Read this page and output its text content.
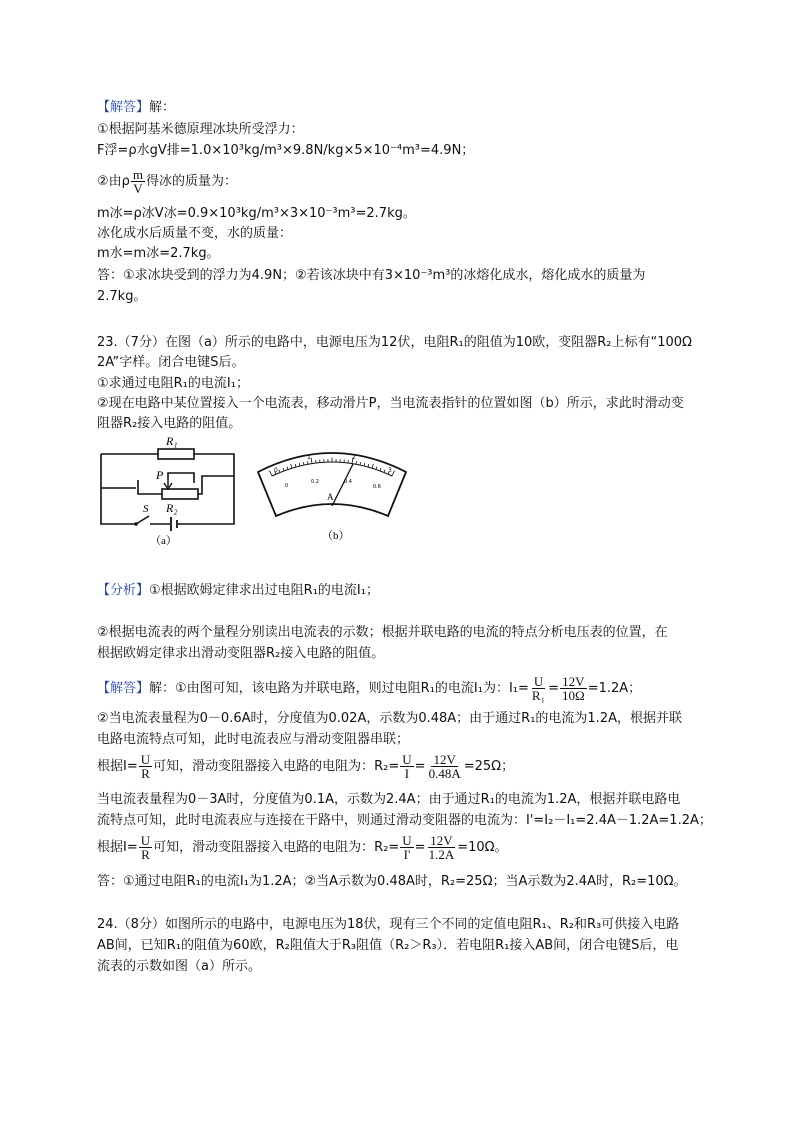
【解答】解：
①根据阿基米德原理冰块所受浮力：
F浮=ρ水gV排=1.0×10³kg/m³×9.8N/kg×5×10⁻⁴m³=4.9N；
②由ρ $\frac{m}{V}$ 得冰的质量为：
m冰=ρ冰V冰=0.9×10³kg/m³×3×10⁻³m³=2.7kg。
冰化成水后质量不变，水的质量：
m水=m冰=2.7kg。
答：①求冰块受到的浮力为4.9N；②若该冰块中有3×10⁻³m³的冰熔化成水，熔化成水的质量为
2.7kg。
23.（7分）在图（a）所示的电路中，电源电压为12伏，电阻R₁的阻值为10欧，变阻器R₂上标有“100Ω
2A”字样。闭合电键S后。
①求通过电阻R₁的电流I₁；
②现在电路中某位置接入一个电流表，移动滑片P，当电流表指针的位置如图（b）所示，求此时滑动变
阻器R₂接入电路的阻值。
R₁
P
R₂
S
（a）
0
1	2
3
0
0.2	0.4
0.6
A
（b）
【分析】①根据欧姆定律求出过电阻R₁的电流I₁；
②根据电流表的两个量程分别读出电流表的示数；根据并联电路的电流的特点分析电压表的位置，在
根据欧姆定律求出滑动变阻器R₂接入电路的阻值。
【解答】解：①由图可知，该电路为并联电路，则过电阻R₁的电流I₁为：$I_1= \frac{U}{\text{R₁}} = \frac{12V}{10\Omega} =1.2A$；
②当电流表量程为0－0.6A时，分度值为0.02A，示数为0.48A；由于通过R₁的电流为1.2A，根据并联
电路电流特点可知，此时电流表应与滑动变阻器串联；
根据$I= \frac{U}{R}$ 可知，滑动变阻器接入电路的电阻为：$R_2= \frac{U}{I} = \frac{12V}{0.48A} =25\Omega$；
当电流表量程为0－3A时，分度值为0.1A，示数为2.4A；由于通过R₁的电流为1.2A，根据并联电路电
流特点可知，此时电流表应与连接在干路中，则通过滑动变阻器的电流为：I'=I₂－I₁=2.4A－1.2A=1.2A；
根据$I= \frac{U}{R}$ 可知，滑动变阻器接入电路的电阻为：$R_2= \frac{U}{I'} = \frac{12V}{1.2A} =10\Omega$。
答：①通过电阻R₁的电流I₁为1.2A；②当A示数为0.48A时，R₂=25Ω；当A示数为2.4A时，R₂=10Ω。
24.（8分）如图所示的电路中，电源电压为18伏，现有三个不同的定值电阻R₁、R₂和R₃可供接入电路
AB间，已知R₁的阻值为60欧，R₂阻值大于R₃阻值（R₂＞R₃）．若电阻R₁接入AB间，闭合电键S后，电
流表的示数如图（a）所示。
